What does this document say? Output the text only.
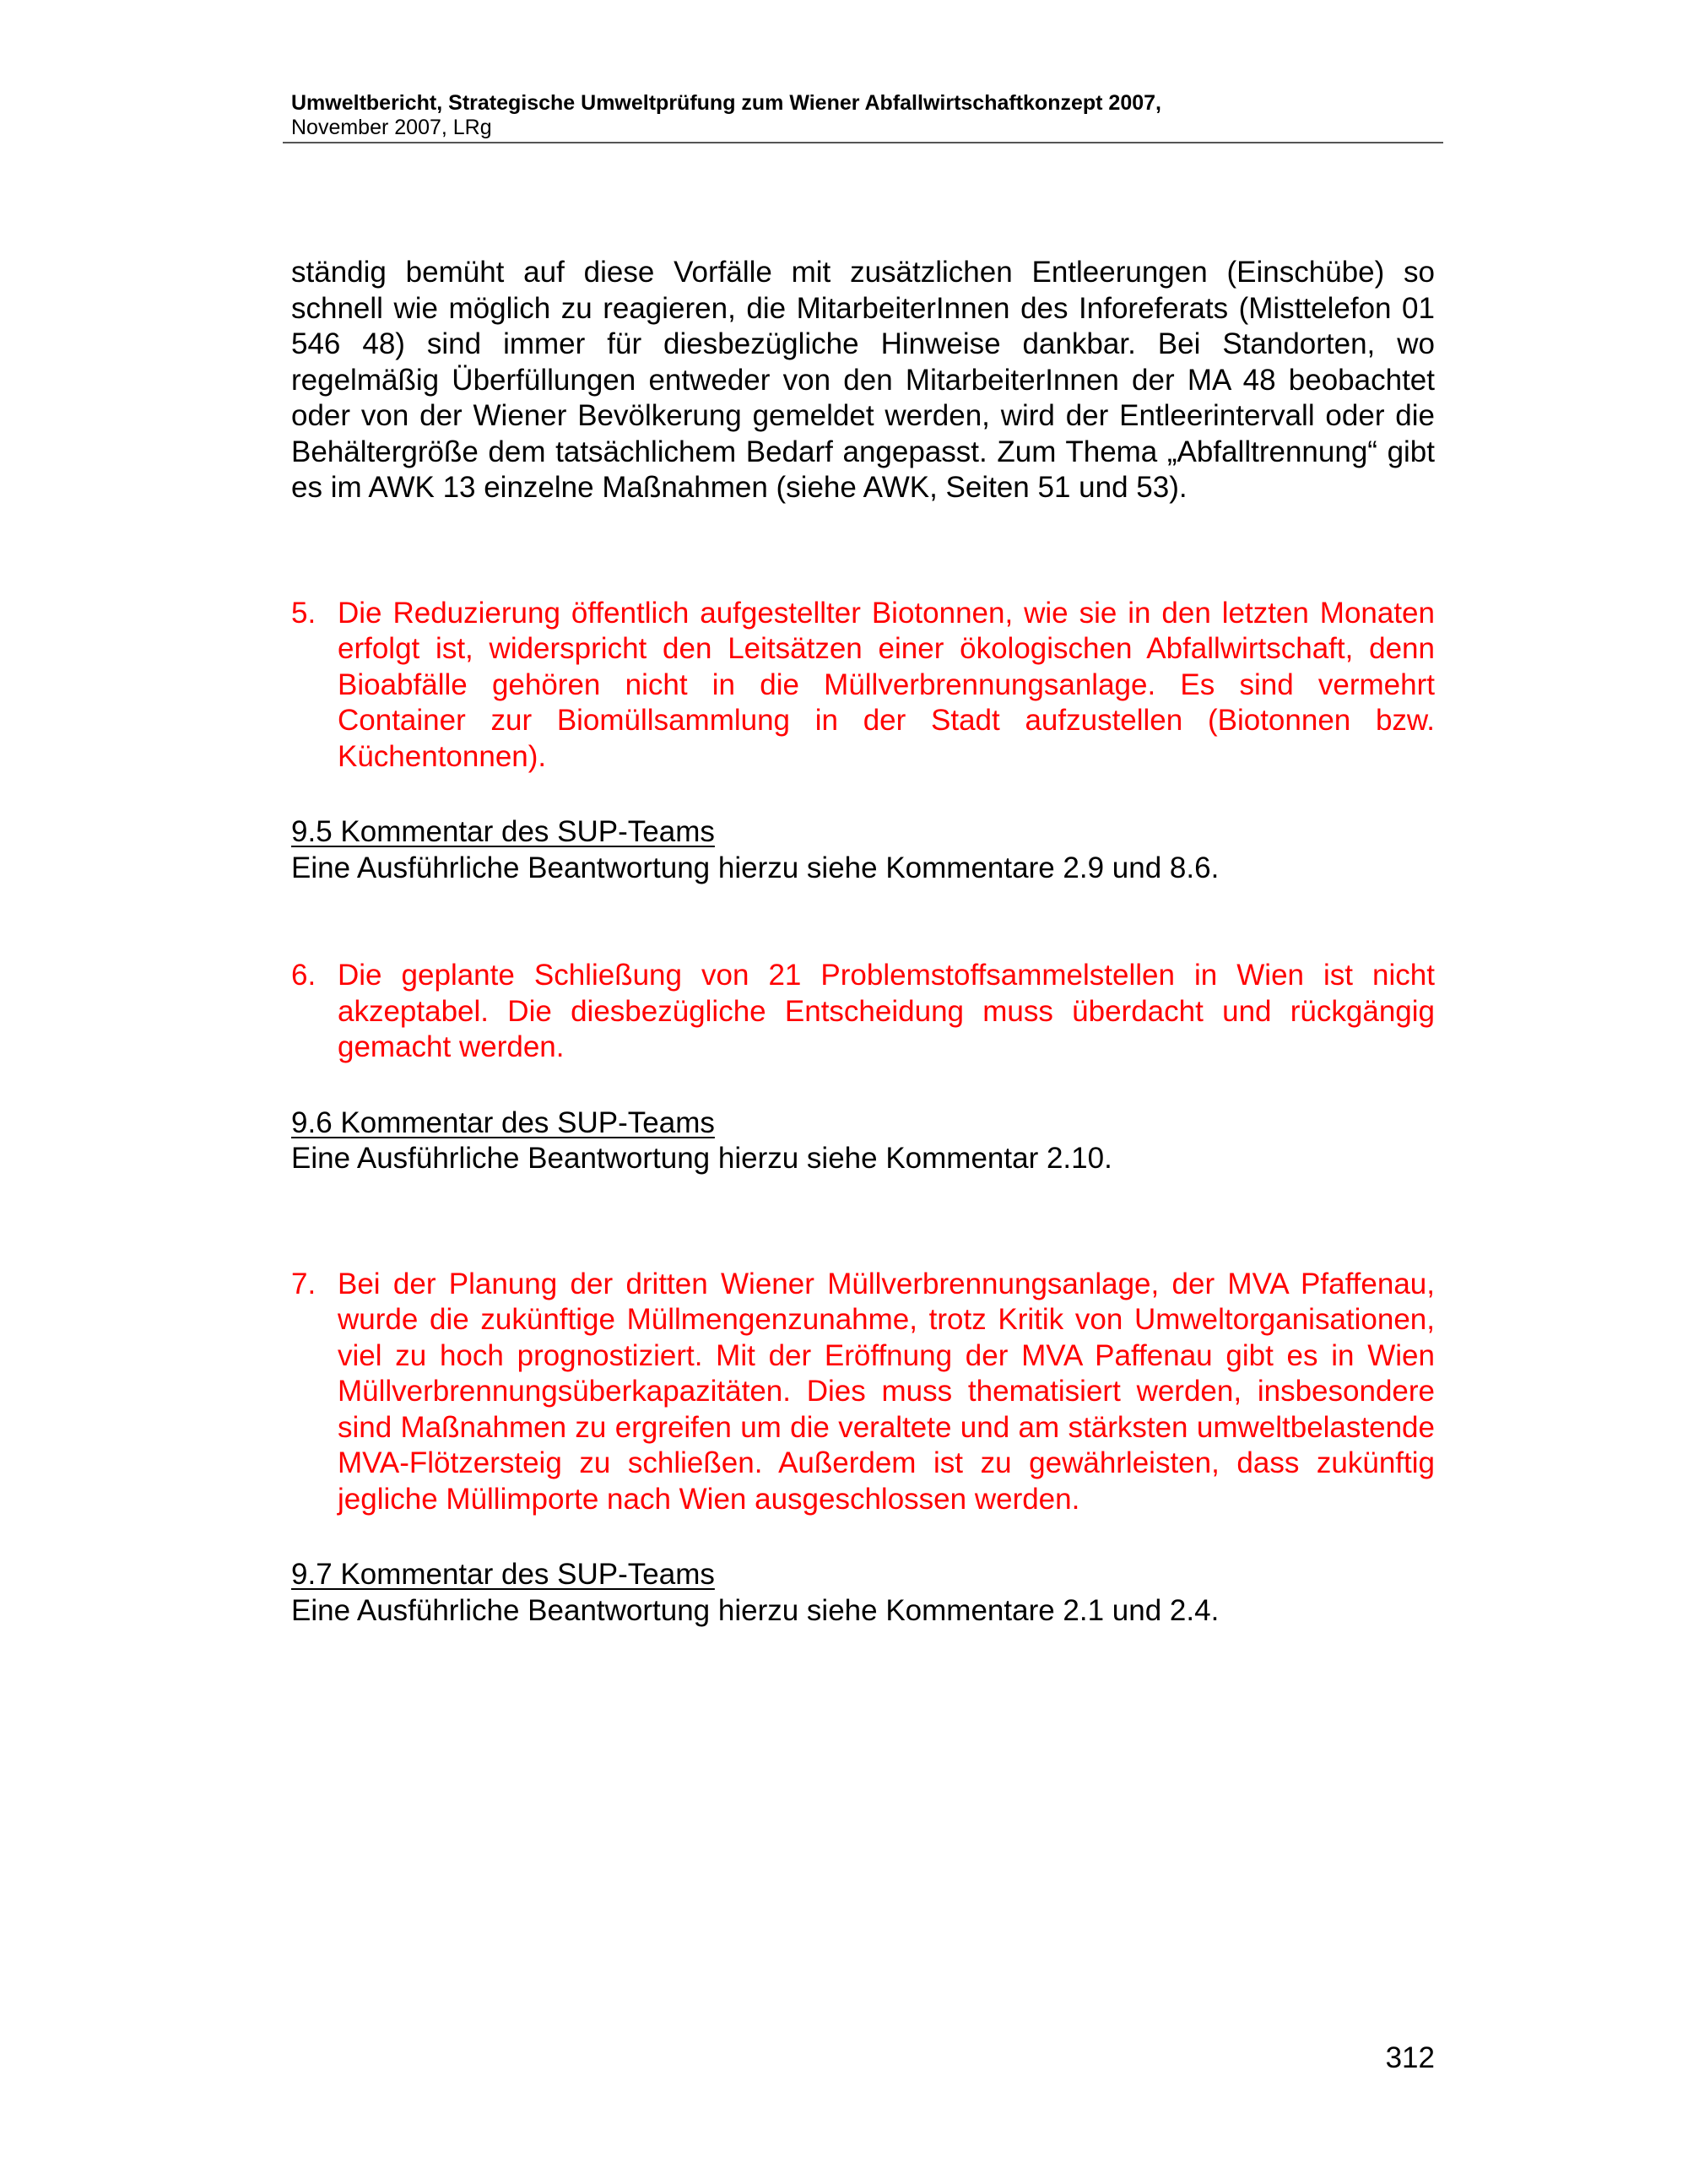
Umweltbericht, Strategische Umweltprüfung zum Wiener Abfallwirtschaftkonzept 2007,
November 2007, LRg

ständig bemüht auf diese Vorfälle mit zusätzlichen Entleerungen (Einschübe) so schnell wie möglich zu reagieren, die MitarbeiterInnen des Inforeferats (Misttelefon 01 546 48) sind immer für diesbezügliche Hinweise dankbar. Bei Standorten, wo regelmäßig Überfüllungen entweder von den MitarbeiterInnen der MA 48 beobachtet oder von der Wiener Bevölkerung gemeldet werden, wird der Entleerintervall oder die Behältergröße dem tatsächlichem Bedarf angepasst. Zum Thema „Abfalltrennung“ gibt es im AWK 13 einzelne Maßnahmen (siehe AWK, Seiten 51 und 53).

5. Die Reduzierung öffentlich aufgestellter Biotonnen, wie sie in den letzten Monaten erfolgt ist, widerspricht den Leitsätzen einer ökologischen Abfallwirtschaft, denn Bioabfälle gehören nicht in die Müllverbrennungsanlage. Es sind vermehrt Container zur Biomüllsammlung in der Stadt aufzustellen (Biotonnen bzw. Küchentonnen).
9.5 Kommentar des SUP-Teams
Eine Ausführliche Beantwortung hierzu siehe Kommentare 2.9 und 8.6.
6. Die geplante Schließung von 21 Problemstoffsammelstellen in Wien ist nicht akzeptabel. Die diesbezügliche Entscheidung muss überdacht und rückgängig gemacht werden.
9.6 Kommentar des SUP-Teams
Eine Ausführliche Beantwortung hierzu siehe Kommentar 2.10.
7. Bei der Planung der dritten Wiener Müllverbrennungsanlage, der MVA Pfaffenau, wurde die zukünftige Müllmengenzunahme, trotz Kritik von Umweltorganisationen, viel zu hoch prognostiziert. Mit der Eröffnung der MVA Paffenau gibt es in Wien Müllverbrennungsüberkapazitäten. Dies muss thematisiert werden, insbesondere sind Maßnahmen zu ergreifen um die veraltete und am stärksten umweltbelastende MVA-Flötzersteig zu schließen. Außerdem ist zu gewährleisten, dass zukünftig jegliche Müllimporte nach Wien ausgeschlossen werden.
9.7 Kommentar des SUP-Teams
Eine Ausführliche Beantwortung hierzu siehe Kommentare 2.1 und 2.4.
312
